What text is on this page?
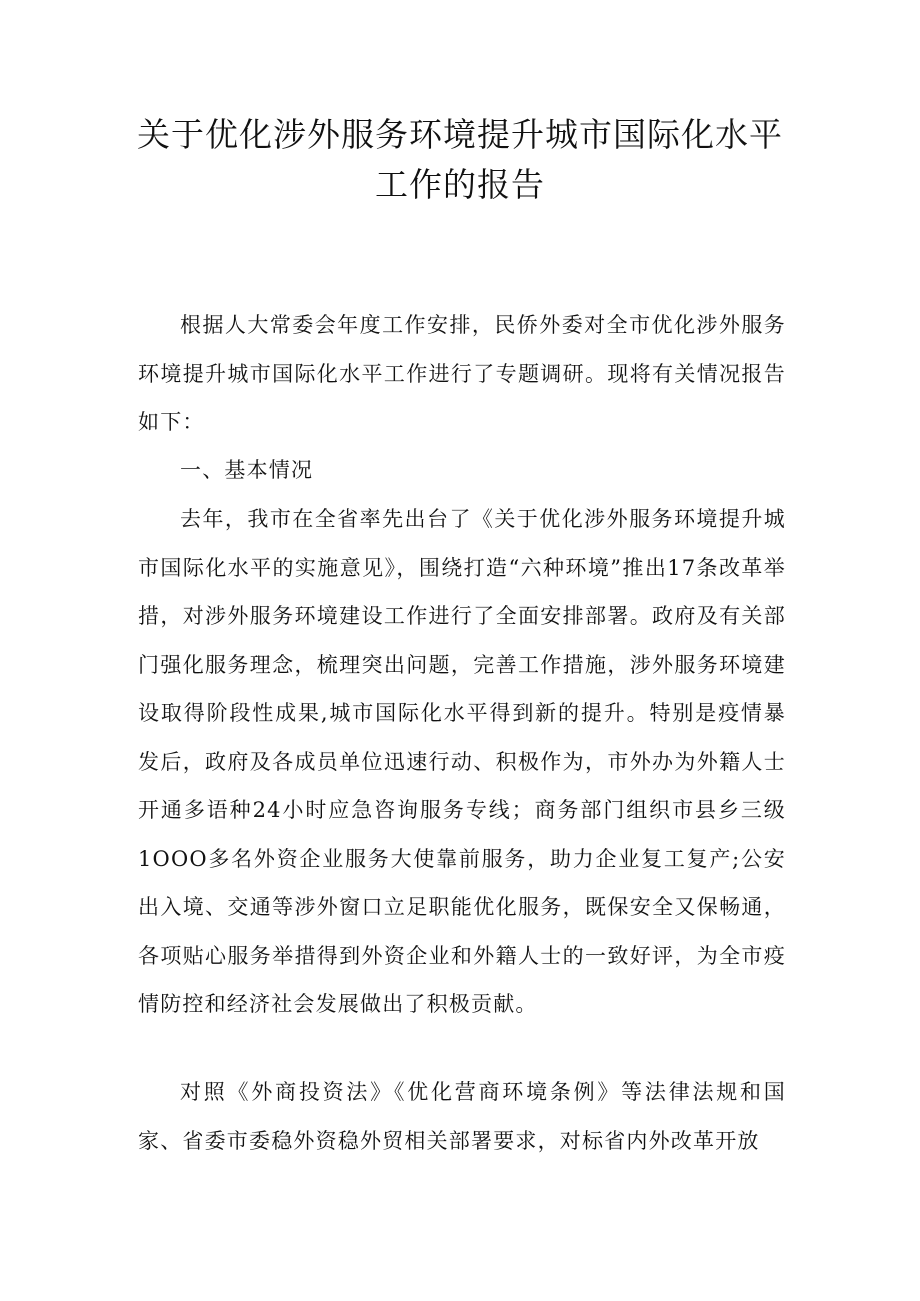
关于优化涉外服务环境提升城市国际化水平工作的报告

根据人大常委会年度工作安排，民侨外委对全市优化涉外服务环境提升城市国际化水平工作进行了专题调研。现将有关情况报告如下：

一、基本情况

去年，我市在全省率先出台了《关于优化涉外服务环境提升城市国际化水平的实施意见》，围绕打造“六种环境”推出17条改革举措，对涉外服务环境建设工作进行了全面安排部署。政府及有关部门强化服务理念，梳理突出问题，完善工作措施，涉外服务环境建设取得阶段性成果,城市国际化水平得到新的提升。特别是疫情暴发后，政府及各成员单位迅速行动、积极作为，市外办为外籍人士开通多语种24小时应急咨询服务专线；商务部门组织市县乡三级1OOO多名外资企业服务大使靠前服务，助力企业复工复产;公安出入境、交通等涉外窗口立足职能优化服务，既保安全又保畅通，各项贴心服务举措得到外资企业和外籍人士的一致好评，为全市疫情防控和经济社会发展做出了积极贡献。

对照《外商投资法》《优化营商环境条例》等法律法规和国家、省委市委稳外资稳外贸相关部署要求，对标省内外改革开放
